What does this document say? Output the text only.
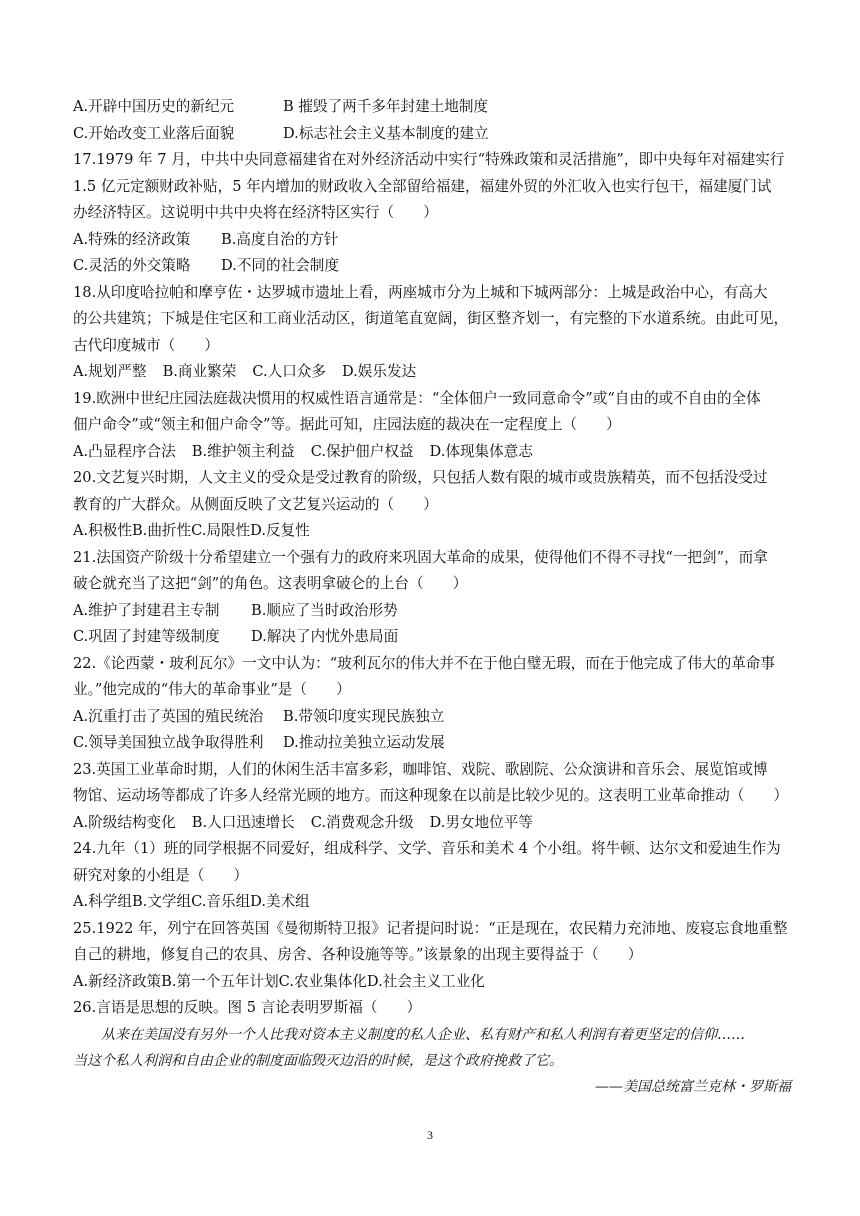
A.开辟中国历史的新纪元	B 摧毁了两千多年封建土地制度
C.开始改变工业落后面貌	D.标志社会主义基本制度的建立
17.1979 年 7 月，中共中央同意福建省在对外经济活动中实行“特殊政策和灵活措施”，即中央每年对福建实行
1.5 亿元定额财政补贴，5 年内增加的财政收入全部留给福建，福建外贸的外汇收入也实行包干，福建厦门试
办经济特区。这说明中共中央将在经济特区实行（　　）
A.特殊的经济政策 B.高度自治的方针
C.灵活的外交策略 D.不同的社会制度
18.从印度哈拉帕和摩亨佐・达罗城市遗址上看，两座城市分为上城和下城两部分：上城是政治中心，有高大
的公共建筑；下城是住宅区和工商业活动区，街道笔直宽阔，街区整齐划一，有完整的下水道系统。由此可见，
古代印度城市（　　）
A.规划严整 B.商业繁荣 C.人口众多 D.娱乐发达
19.欧洲中世纪庄园法庭裁决惯用的权威性语言通常是：“全体佃户一致同意命令”或“自由的或不自由的全体
佃户命令”或“领主和佃户命令”等。据此可知，庄园法庭的裁决在一定程度上（　　）
A.凸显程序合法 B.维护领主利益 C.保护佃户权益 D.体现集体意志
20.文艺复兴时期，人文主义的受众是受过教育的阶级，只包括人数有限的城市或贵族精英，而不包括没受过
教育的广大群众。从侧面反映了文艺复兴运动的（　　）
A.积极性B.曲折性C.局限性D.反复性
21.法国资产阶级十分希望建立一个强有力的政府来巩固大革命的成果，使得他们不得不寻找“一把剑”，而拿
破仑就充当了这把“剑”的角色。这表明拿破仑的上台（　　）
A.维护了封建君主专制 B.顺应了当时政治形势
C.巩固了封建等级制度 D.解决了内忧外患局面
22.《论西蒙・玻利瓦尔》一文中认为：“玻利瓦尔的伟大并不在于他白璧无瑕，而在于他完成了伟大的革命事
业。”他完成的“伟大的革命事业”是（　　）
A.沉重打击了英国的殖民统治 B.带领印度实现民族独立
C.领导美国独立战争取得胜利 D.推动拉美独立运动发展
23.英国工业革命时期，人们的休闲生活丰富多彩，咖啡馆、戏院、歌剧院、公众演讲和音乐会、展览馆或博
物馆、运动场等都成了许多人经常光顾的地方。而这种现象在以前是比较少见的。这表明工业革命推动（　　）
A.阶级结构变化 B.人口迅速增长 C.消费观念升级 D.男女地位平等
24.九年（1）班的同学根据不同爱好，组成科学、文学、音乐和美术 4 个小组。将牛顿、达尔文和爱迪生作为
研究对象的小组是（　　）
A.科学组B.文学组C.音乐组D.美术组
25.1922 年，列宁在回答英国《曼彻斯特卫报》记者提问时说：“正是现在，农民精力充沛地、废寝忘食地重整
自己的耕地，修复自己的农具、房舍、各种设施等等。”该景象的出现主要得益于（　　）
A.新经济政策B.第一个五年计划C.农业集体化D.社会主义工业化
26.言语是思想的反映。图 5 言论表明罗斯福（　　）
从来在美国没有另外一个人比我对资本主义制度的私人企业、私有财产和私人利润有着更坚定的信仰……
当这个私人利润和自由企业的制度面临毁灭边沿的时候，是这个政府挽救了它。
——美国总统富兰克林・罗斯福
3
